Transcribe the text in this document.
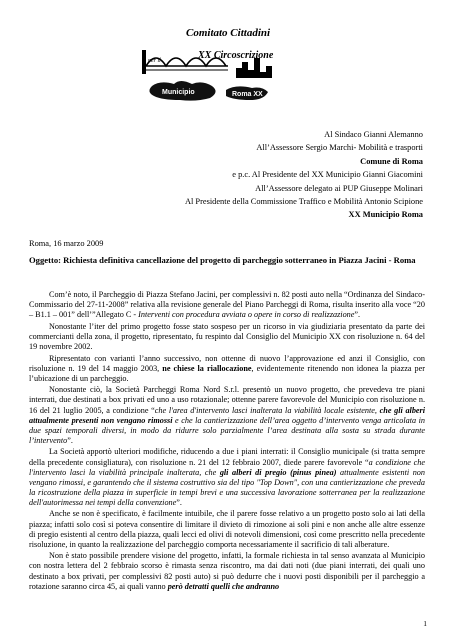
Comitato Cittadini
per il	XX Circoscrizione
Municipio	Roma XX
Al Sindaco Gianni Alemanno
All’Assessore Sergio Marchi- Mobilità e trasporti
Comune di Roma
e p.c. Al Presidente del XX Municipio Gianni Giacomini
All’Assessore delegato ai PUP Giuseppe Molinari
Al Presidente della Commissione Traffico e Mobilità Antonio Scipione
XX Municipio Roma
Roma, 16 marzo 2009
Oggetto: Richiesta definitiva cancellazione del progetto di parcheggio sotterraneo in Piazza Jacini - Roma

Com’è noto, il Parcheggio di Piazza Stefano Jacini, per complessivi n. 82 posti auto nella “Ordinanza del Sindaco-Commissario del 27-11-2008” relativa alla revisione generale del Piano Parcheggi di Roma, risulta inserito alla voce “20 – B1.1 – 001” dell’”Allegato C - Interventi con procedura avviata o opere in corso di realizzazione”.

Nonostante l’iter del primo progetto fosse stato sospeso per un ricorso in via giudiziaria presentato da parte dei commercianti della zona, il progetto, ripresentato, fu respinto dal Consiglio del Municipio XX con risoluzione n. 64 del 19 novembre 2002.

Ripresentato con varianti l’anno successivo, non ottenne di nuovo l’approvazione ed anzi il Consiglio, con risoluzione n. 19 del 14 maggio 2003, ne chiese la riallocazione, evidentemente ritenendo non idonea la piazza per l’ubicazione di un parcheggio.

Nonostante ciò, la Società Parcheggi Roma Nord S.r.l. presentò un nuovo progetto, che prevedeva tre piani interrati, due destinati a box privati ed uno a uso rotazionale; ottenne parere favorevole del Municipio con risoluzione n. 16 del 21 luglio 2005, a condizione “che l'area d'intervento lasci inalterata la viabilità locale esistente, che gli alberi attualmente presenti non vengano rimossi e che la cantierizzazione dell’area oggetto d’intervento venga articolata in due spazi temporali diversi, in modo da ridurre solo parzialmente l’area destinata alla sosta su strada durante l’intervento”.

La Società apportò ulteriori modifiche, riducendo a due i piani interrati: il Consiglio municipale (si tratta sempre della precedente consigliatura), con risoluzione n. 21 del 12 febbraio 2007, diede parere favorevole “a condizione che l'intervento lasci la viabilità principale inalterata, che gli alberi di pregio (pinus pinea) attualmente esistenti non vengano rimossi, e garantendo che il sistema costruttivo sia del tipo "Top Down", con una cantierizzazione che preveda la ricostruzione della piazza in superficie in tempi brevi e una successiva lavorazione sotterranea per la realizzazione dell'autorimessa nei tempi della convenzione”.

Anche se non è specificato, è facilmente intuibile, che il parere fosse relativo a un progetto posto solo ai lati della piazza; infatti solo così si poteva consentire di limitare il divieto di rimozione ai soli pini e non anche alle altre essenze di pregio esistenti al centro della piazza, quali lecci ed olivi di notevoli dimensioni, così come prescritto nella precedente risoluzione, in quanto la realizzazione del parcheggio comporta necessariamente il sacrificio di tali alberature.

Non è stato possibile prendere visione del progetto, infatti, la formale richiesta in tal senso avanzata al Municipio con nostra lettera del 2 febbraio scorso è rimasta senza riscontro, ma dai dati noti (due piani interrati, dei quali uno destinato a box privati, per complessivi 82 posti auto) si può dedurre che i nuovi posti disponibili per il parcheggio a rotazione saranno circa 45, ai quali vanno però detratti quelli che andranno

1
